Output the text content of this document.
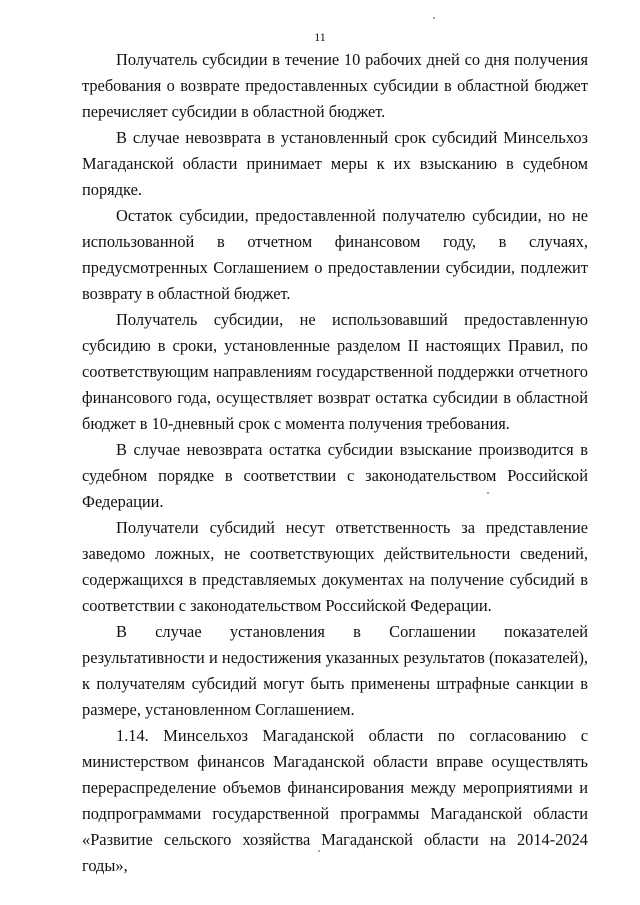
11

Получатель субсидии в течение 10 рабочих дней со дня получения требования о возврате предоставленных субсидии в областной бюджет перечисляет субсидии в областной бюджет.

В случае невозврата в установленный срок субсидий Минсельхоз Магаданской области принимает меры к их взысканию в судебном порядке.

Остаток субсидии, предоставленной получателю субсидии, но не использованной в отчетном финансовом году, в случаях, предусмотренных Соглашением о предоставлении субсидии, подлежит возврату в областной бюджет.

Получатель субсидии, не использовавший предоставленную субсидию в сроки, установленные разделом II настоящих Правил, по соответствующим направлениям государственной поддержки отчетного финансового года, осуществляет возврат остатка субсидии в областной бюджет в 10-дневный срок с момента получения требования.

В случае невозврата остатка субсидии взыскание производится в судебном порядке в соответствии с законодательством Российской Федерации.

Получатели субсидий несут ответственность за представление заведомо ложных, не соответствующих действительности сведений, содержащихся в представляемых документах на получение субсидий в соответствии с законодательством Российской Федерации.

В случае установления в Соглашении показателей результативности и недостижения указанных результатов (показателей), к получателям субсидий могут быть применены штрафные санкции в размере, установленном Соглашением.

1.14. Минсельхоз Магаданской области по согласованию с министерством финансов Магаданской области вправе осуществлять перераспределение объемов финансирования между мероприятиями и подпрограммами государственной программы Магаданской области «Развитие сельского хозяйства Магаданской области на 2014-2024 годы»,
